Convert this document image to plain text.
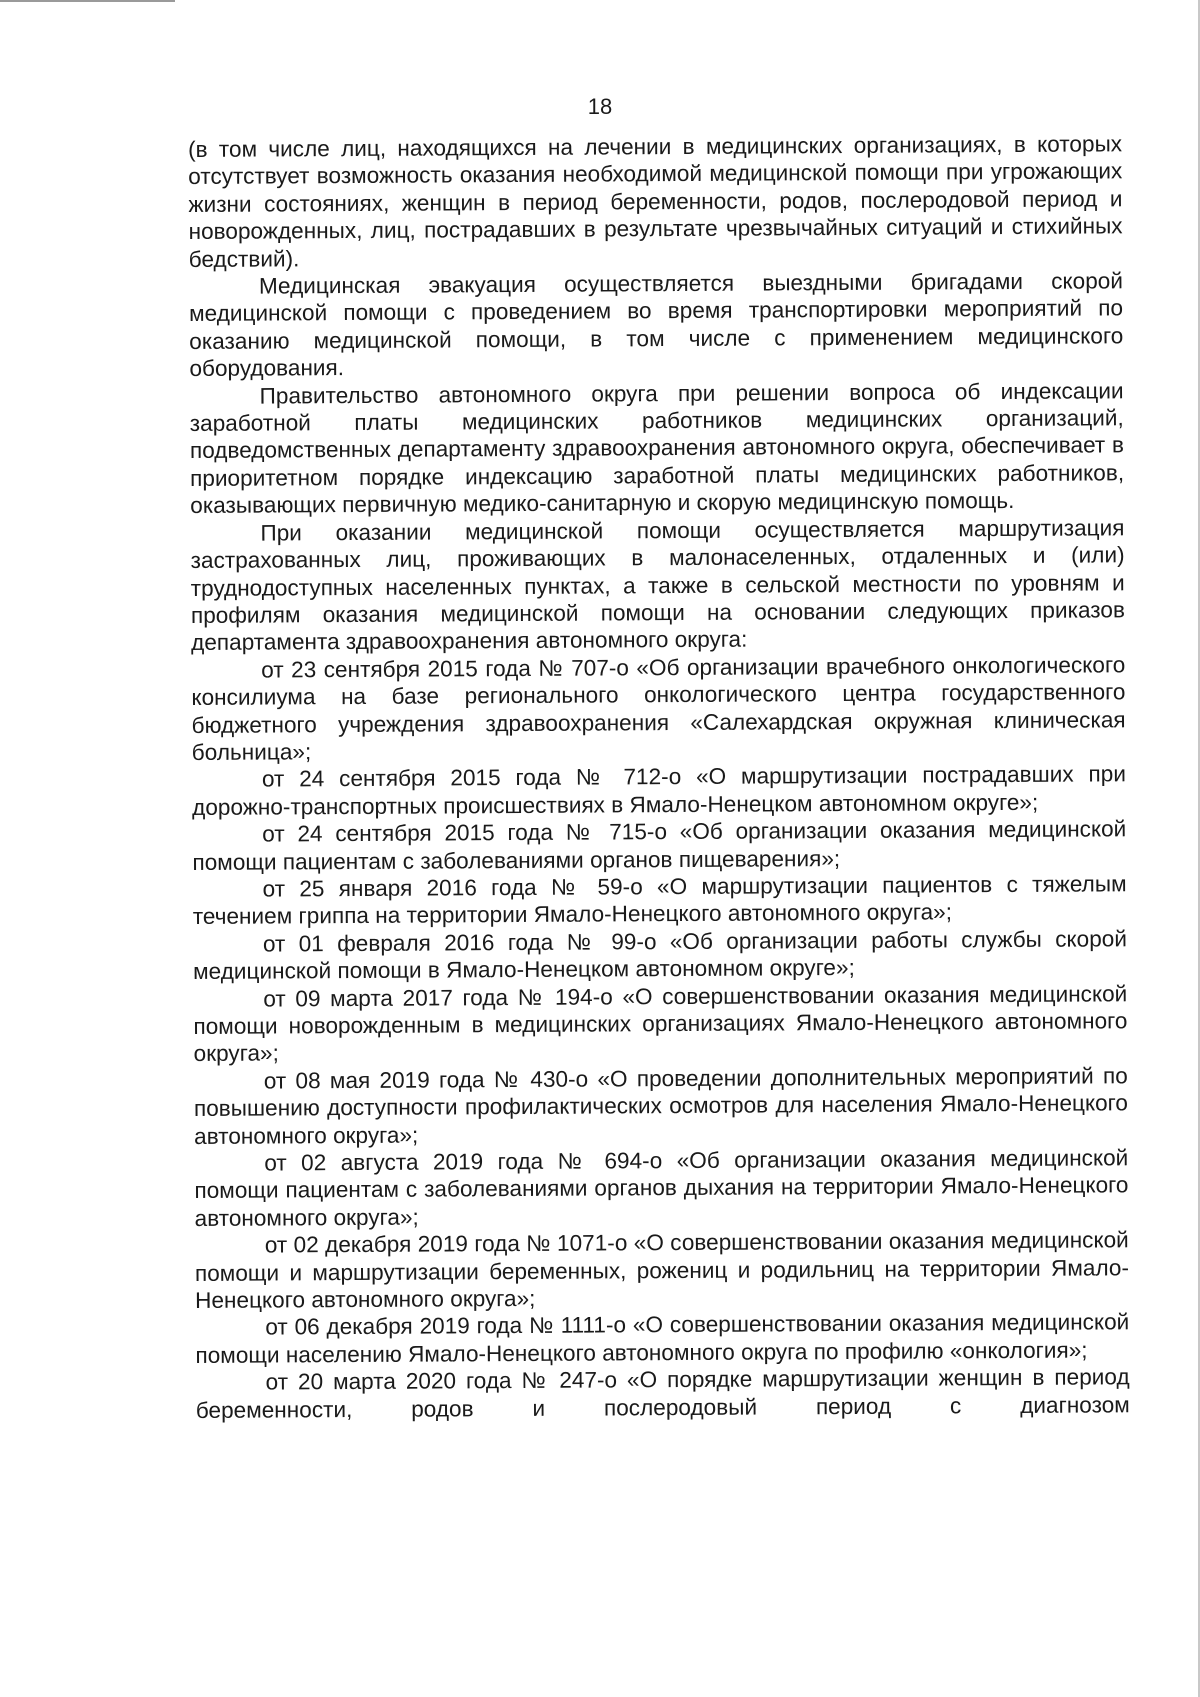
18

(в том числе лиц, находящихся на лечении в медицинских организациях, в которых отсутствует возможность оказания необходимой медицинской помощи при угрожающих жизни состояниях, женщин в период беременности, родов, послеродовой период и новорожденных, лиц, пострадавших в результате чрезвычайных ситуаций и стихийных бедствий).

Медицинская эвакуация осуществляется выездными бригадами скорой медицинской помощи с проведением во время транспортировки мероприятий по оказанию медицинской помощи, в том числе с применением медицинского оборудования.

Правительство автономного округа при решении вопроса об индексации заработной платы медицинских работников медицинских организаций, подведомственных департаменту здравоохранения автономного округа, обеспечивает в приоритетном порядке индексацию заработной платы медицинских работников, оказывающих первичную медико-санитарную и скорую медицинскую помощь.

При оказании медицинской помощи осуществляется маршрутизация застрахованных лиц, проживающих в малонаселенных, отдаленных и (или) труднодоступных населенных пунктах, а также в сельской местности по уровням и профилям оказания медицинской помощи на основании следующих приказов департамента здравоохранения автономного округа:

от 23 сентября 2015 года № 707-о «Об организации врачебного онкологического консилиума на базе регионального онкологического центра государственного бюджетного учреждения здравоохранения «Салехардская окружная клиническая больница»;

от 24 сентября 2015 года № 712-о «О маршрутизации пострадавших при дорожно-транспортных происшествиях в Ямало-Ненецком автономном округе»;

от 24 сентября 2015 года № 715-о «Об организации оказания медицинской помощи пациентам с заболеваниями органов пищеварения»;

от 25 января 2016 года № 59-о «О маршрутизации пациентов с тяжелым течением гриппа на территории Ямало-Ненецкого автономного округа»;

от 01 февраля 2016 года № 99-о «Об организации работы службы скорой медицинской помощи в Ямало-Ненецком автономном округе»;

от 09 марта 2017 года № 194-о «О совершенствовании оказания медицинской помощи новорожденным в медицинских организациях Ямало-Ненецкого автономного округа»;

от 08 мая 2019 года № 430-о «О проведении дополнительных мероприятий по повышению доступности профилактических осмотров для населения Ямало-Ненецкого автономного округа»;

от 02 августа 2019 года № 694-о «Об организации оказания медицинской помощи пациентам с заболеваниями органов дыхания на территории Ямало-Ненецкого автономного округа»;

от 02 декабря 2019 года № 1071-о «О совершенствовании оказания медицинской помощи и маршрутизации беременных, рожениц и родильниц на территории Ямало-Ненецкого автономного округа»;

от 06 декабря 2019 года № 1111-о «О совершенствовании оказания медицинской помощи населению Ямало-Ненецкого автономного округа по профилю «онкология»;

от 20 марта 2020 года № 247-о «О порядке маршрутизации женщин в период беременности, родов и послеродовый период с диагнозом
